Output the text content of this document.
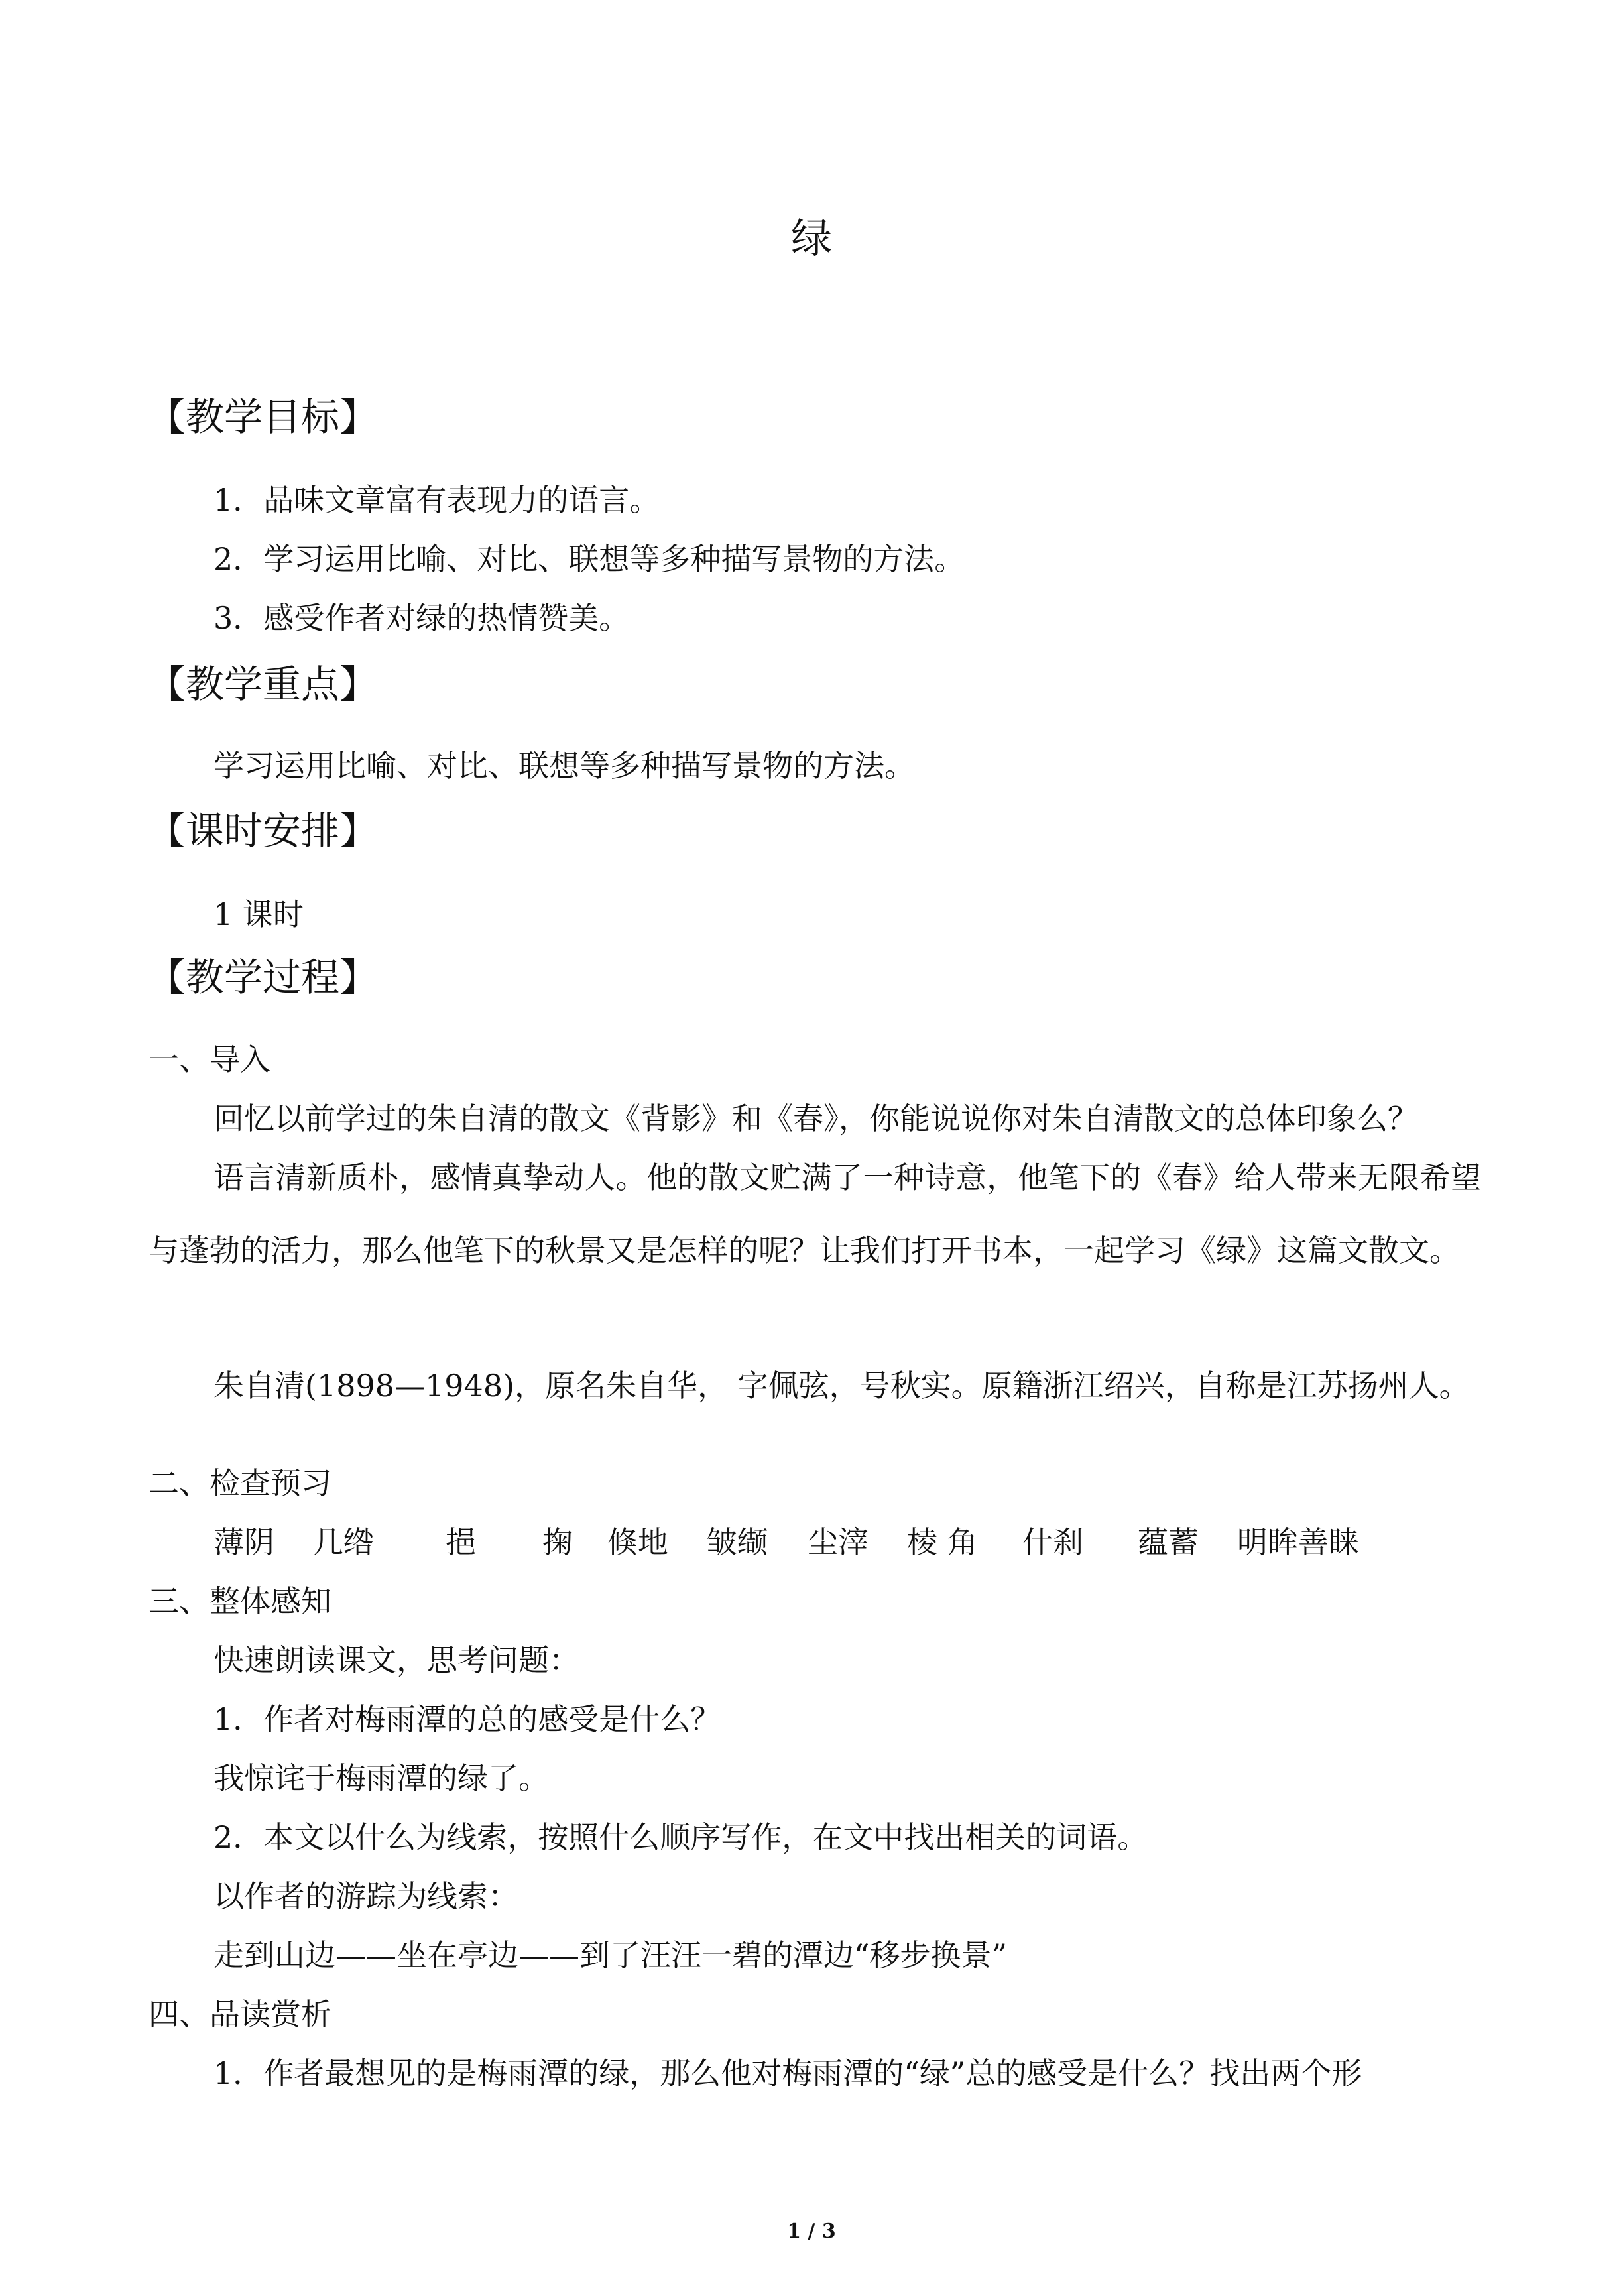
绿
【教学目标】
1．品味文章富有表现力的语言。
2．学习运用比喻、对比、联想等多种描写景物的方法。
3．感受作者对绿的热情赞美。
【教学重点】
学习运用比喻、对比、联想等多种描写景物的方法。
【课时安排】
1 课时
【教学过程】
一、导入
回忆以前学过的朱自清的散文《背影》和《春》，你能说说你对朱自清散文的总体印象么？
语言清新质朴，感情真挚动人。他的散文贮满了一种诗意，他笔下的《春》给人带来无限希望与蓬勃的活力，那么他笔下的秋景又是怎样的呢？让我们打开书本，一起学习《绿》这篇文散文。
朱自清(1898—1948)，原名朱自华， 字佩弦，号秋实。原籍浙江绍兴，自称是江苏扬州人。
二、检查预习
薄阴 几绺 挹 掬 倏地 皱缬 尘滓 棱 角 什刹 蕴蓄 明眸善睐
三、整体感知
快速朗读课文，思考问题：
1．作者对梅雨潭的总的感受是什么？
我惊诧于梅雨潭的绿了。
2．本文以什么为线索，按照什么顺序写作，在文中找出相关的词语。
以作者的游踪为线索：
走到山边——坐在亭边——到了汪汪一碧的潭边“移步换景”
四、品读赏析
1．作者最想见的是梅雨潭的绿，那么他对梅雨潭的“绿”总的感受是什么？找出两个形
1 / 3
